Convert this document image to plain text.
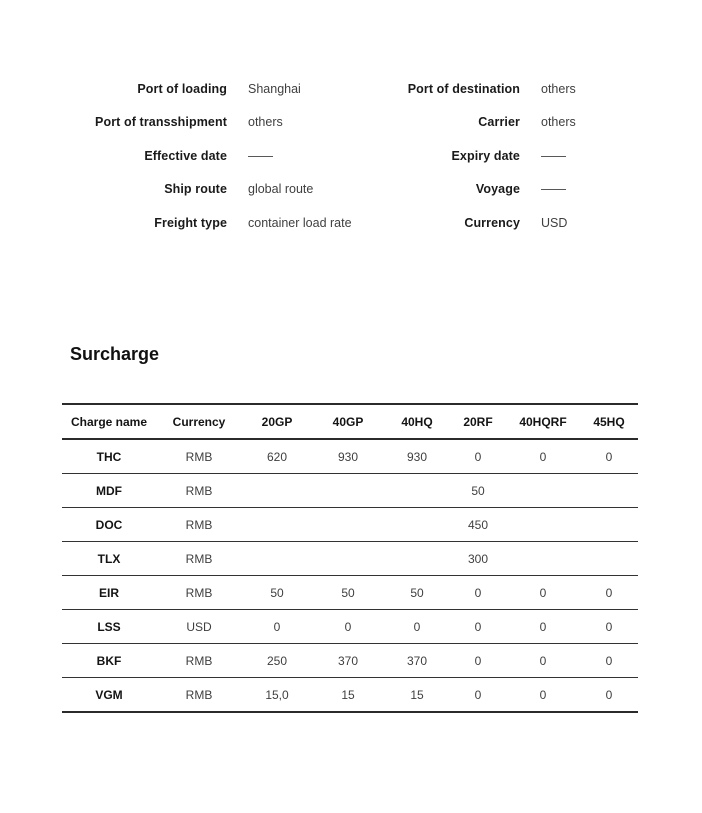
Port of loading Shanghai	Port of destination others
Port of transshipment others	Carrier others
Effective date ——	Expiry date ——
Ship route global route	Voyage ——
Freight type container load rate	Currency USD
Surcharge
Charge name	Currency	20GP	40GP	40HQ	20RF	40HQRF	45HQ
THC	RMB	620	930	930	0	0	0
MDF	RMB				50		
DOC	RMB				450		
TLX	RMB				300		
EIR	RMB	50	50	50	0	0	0
LSS	USD	0	0	0	0	0	0
BKF	RMB	250	370	370	0	0	0
VGM	RMB	15,0	15	15	0	0	0
